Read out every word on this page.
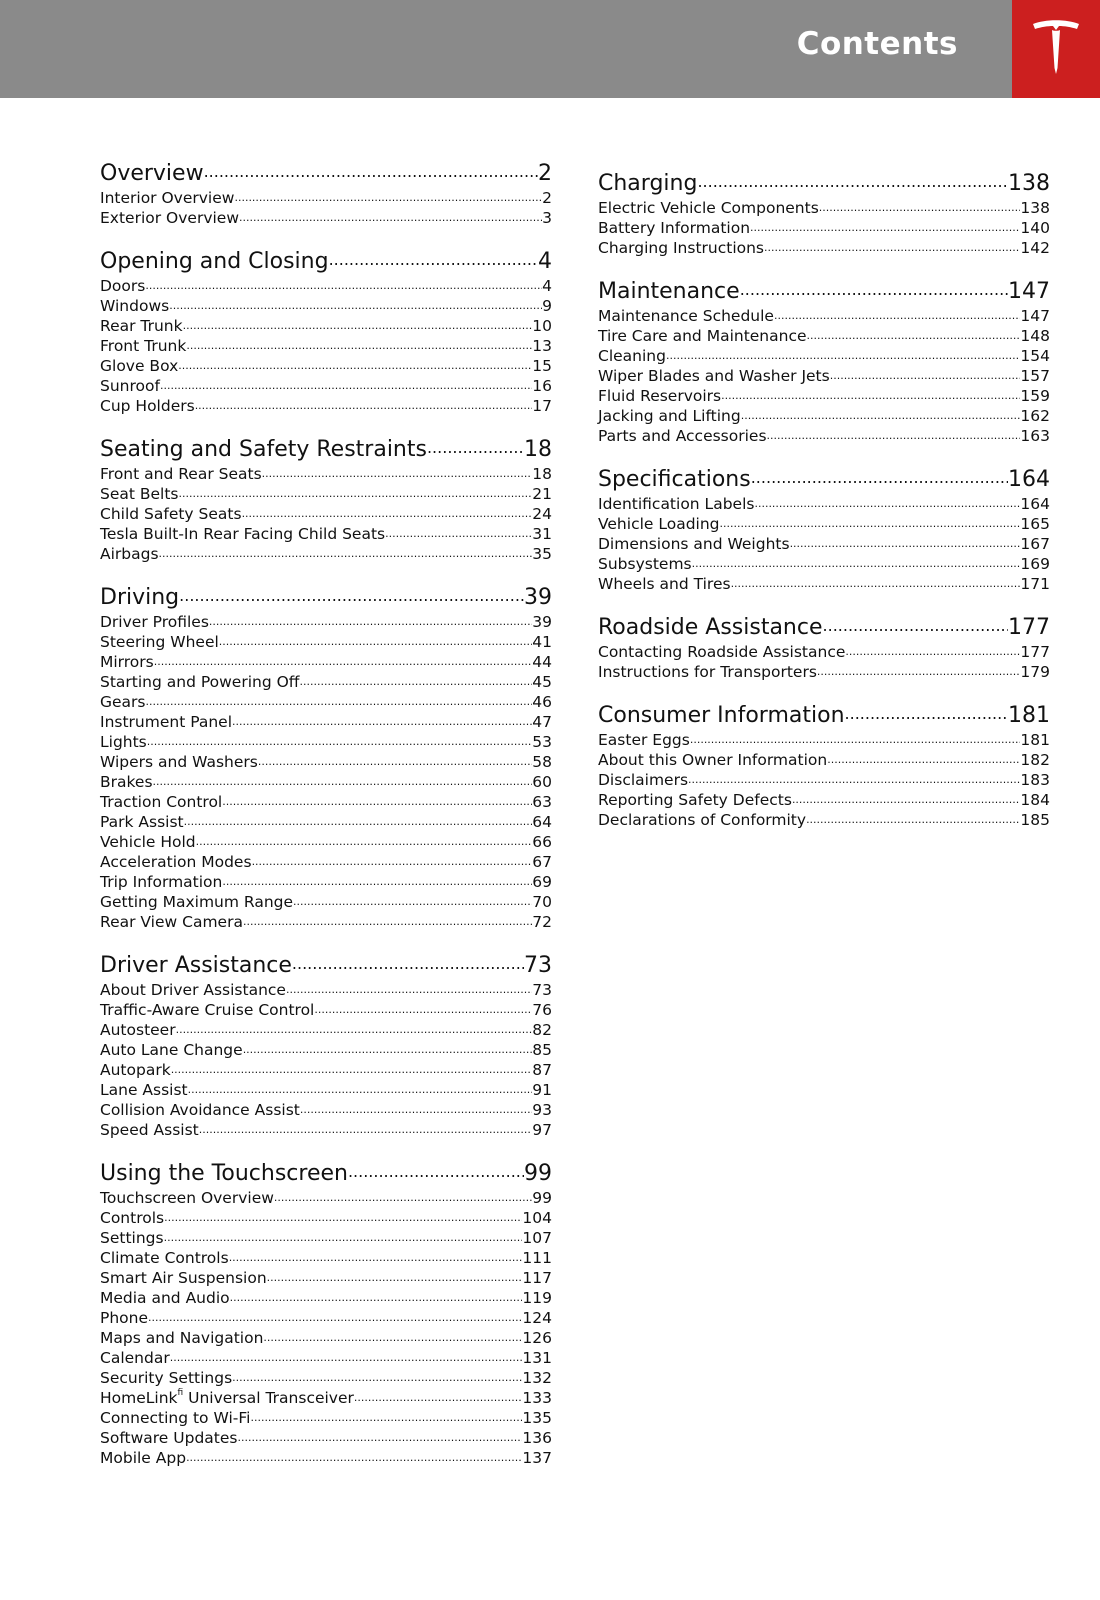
Contents
Overview .....	2
Interior Overview .....	2
Exterior Overview .....	3
Opening and Closing .....	4
Doors .....	4
Windows .....	9
Rear Trunk .....	10
Front Trunk .....	13
Glove Box .....	15
Sunroof .....	16
Cup Holders .....	17
Seating and Safety Restraints .....	18
Front and Rear Seats .....	18
Seat Belts .....	21
Child Safety Seats .....	24
Tesla Built-In Rear Facing Child Seats .....	31
Airbags .....	35
Driving .....	39
Driver Profiles .....	39
Steering Wheel .....	41
Mirrors .....	44
Starting and Powering Off .....	45
Gears .....	46
Instrument Panel .....	47
Lights .....	53
Wipers and Washers .....	58
Brakes .....	60
Traction Control .....	63
Park Assist .....	64
Vehicle Hold .....	66
Acceleration Modes .....	67
Trip Information .....	69
Getting Maximum Range .....	70
Rear View Camera .....	72
Driver Assistance .....	73
About Driver Assistance .....	73
Traffic-Aware Cruise Control .....	76
Autosteer .....	82
Auto Lane Change .....	85
Autopark .....	87
Lane Assist .....	91
Collision Avoidance Assist .....	93
Speed Assist .....	97
Using the Touchscreen .....	99
Touchscreen Overview .....	99
Controls .....	104
Settings .....	107
Climate Controls .....	111
Smart Air Suspension .....	117
Media and Audio .....	119
Phone .....	124
Maps and Navigation .....	126
Calendar .....	131
Security Settings .....	132
HomeLink$^{fi}$ Universal Transceiver .....	133
Connecting to Wi-Fi .....	135
Software Updates .....	136
Mobile App .....	137
Charging .....	138
Electric Vehicle Components .....	138
Battery Information .....	140
Charging Instructions .....	142
Maintenance .....	147
Maintenance Schedule .....	147
Tire Care and Maintenance .....	148
Cleaning .....	154
Wiper Blades and Washer Jets .....	157
Fluid Reservoirs .....	159
Jacking and Lifting .....	162
Parts and Accessories .....	163
Specifications .....	164
Identification Labels .....	164
Vehicle Loading .....	165
Dimensions and Weights .....	167
Subsystems .....	169
Wheels and Tires .....	171
Roadside Assistance .....	177
Contacting Roadside Assistance .....	177
Instructions for Transporters .....	179
Consumer Information .....	181
Easter Eggs .....	181
About this Owner Information .....	182
Disclaimers .....	183
Reporting Safety Defects .....	184
Declarations of Conformity .....	185
